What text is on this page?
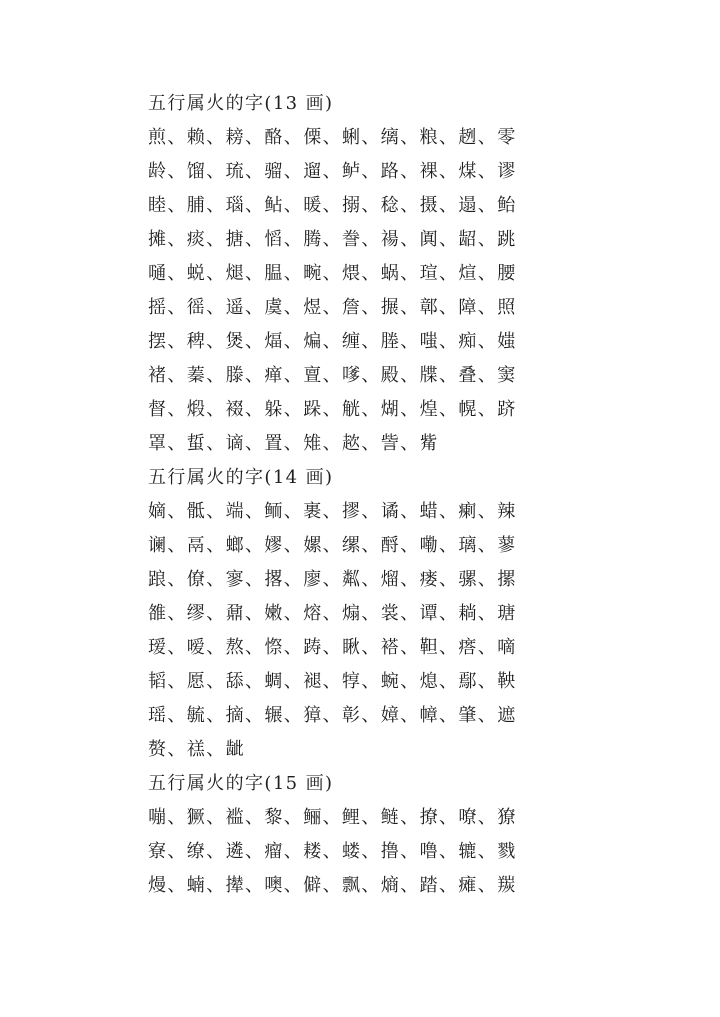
五行属火的字(13 画)
煎、赖、耪、酪、傈、蜊、缡、粮、趔、零
龄、馏、琉、骝、遛、鲈、路、裸、煤、谬
睦、脯、瑙、鲇、暖、搦、稔、摄、遢、鲐
摊、痰、搪、慆、腾、誊、禓、阗、龆、跳
嗵、蜕、煺、腽、畹、煨、蜗、瑄、煊、腰
摇、徭、遥、虞、煜、詹、搌、鄣、障、照
摆、稗、煲、煏、煸、缠、塍、嗤、痴、媸
褚、蓁、滕、瘅、亶、嗲、殿、牒、叠、窦
督、煅、裰、躲、跺、觥、煳、煌、幌、跻
罩、蜇、谪、置、雉、趑、訾、觜
五行属火的字(14 画)
嫡、骶、端、鲕、裹、摎、谲、蜡、瘌、辣
谰、鬲、螂、嫪、嫘、缧、酹、嘞、璃、蓼
踉、僚、寥、撂、廖、粼、熘、瘘、骡、摞
雒、缪、鼐、嫩、熔、煽、裳、谭、耥、瑭
瑷、嗳、熬、憏、踌、瞅、褡、靼、瘩、嘀
韬、愿、舔、蜩、褪、犉、蜿、熄、鄢、鞅
瑶、毓、摘、辗、獐、彰、嫜、幛、肇、遮
赘、禚、龇
五行属火的字(15 画)
嘣、獗、褴、黎、鲡、鲤、鲢、撩、嘹、獠
寮、缭、遴、瘤、耧、蝼、撸、噜、辘、戮
熳、蝻、撵、噢、僻、飘、熵、踏、瘫、羰
